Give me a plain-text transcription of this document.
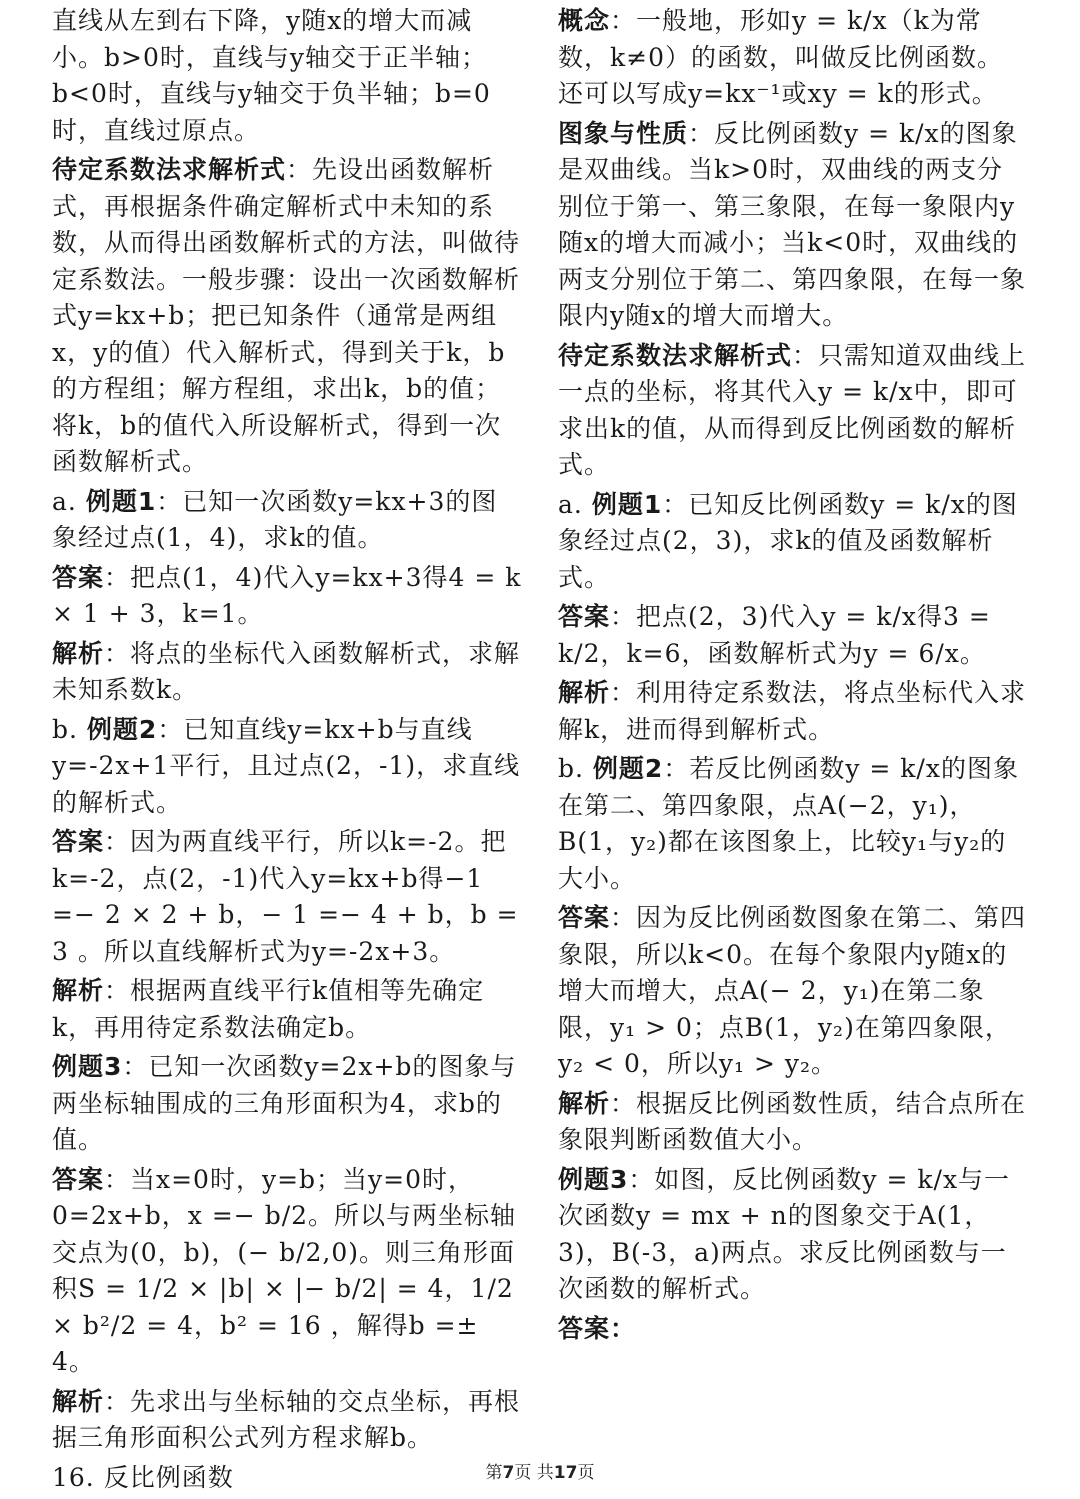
直线从左到右下降，y随x的增大而减小。b>0时，直线与y轴交于正半轴；b<0时，直线与y轴交于负半轴；b=0时，直线过原点。

待定系数法求解析式：先设出函数解析式，再根据条件确定解析式中未知的系数，从而得出函数解析式的方法，叫做待定系数法。一般步骤：设出一次函数解析式y=kx+b；把已知条件（通常是两组x，y的值）代入解析式，得到关于k，b的方程组；解方程组，求出k，b的值；将k，b的值代入所设解析式，得到一次函数解析式。

a. 例题1：已知一次函数y=kx+3的图象经过点(1，4)，求k的值。

答案：把点(1，4)代入y=kx+3得4 = k × 1 + 3，k=1。

解析：将点的坐标代入函数解析式，求解未知系数k。

b. 例题2：已知直线y=kx+b与直线y=-2x+1平行，且过点(2，-1)，求直线的解析式。

答案：因为两直线平行，所以k=-2。把k=-2，点(2，-1)代入y=kx+b得−1 =− 2 × 2 + b，− 1 =− 4 + b，b = 3 。所以直线解析式为y=-2x+3。

解析：根据两直线平行k值相等先确定k，再用待定系数法确定b。

例题3：已知一次函数y=2x+b的图象与两坐标轴围成的三角形面积为4，求b的值。

答案：当x=0时，y=b；当y=0时，0=2x+b，x =− b/2。所以与两坐标轴交点为(0，b)，(− b/2,0)。则三角形面积S = 1/2 × |b| × |− b/2| = 4，1/2 × b²/2 = 4，b² = 16 ，解得b =± 4。

解析：先求出与坐标轴的交点坐标，再根据三角形面积公式列方程求解b。

16. 反比例函数

概念：一般地，形如y = k/x（k为常数，k≠0）的函数，叫做反比例函数。还可以写成y=kx⁻¹或xy = k的形式。

图象与性质：反比例函数y = k/x的图象是双曲线。当k>0时，双曲线的两支分别位于第一、第三象限，在每一象限内y随x的增大而减小；当k<0时，双曲线的两支分别位于第二、第四象限，在每一象限内y随x的增大而增大。

待定系数法求解析式：只需知道双曲线上一点的坐标，将其代入y = k/x中，即可求出k的值，从而得到反比例函数的解析式。

a. 例题1：已知反比例函数y = k/x的图象经过点(2，3)，求k的值及函数解析式。

答案：把点(2，3)代入y = k/x得3 = k/2，k=6，函数解析式为y = 6/x。

解析：利用待定系数法，将点坐标代入求解k，进而得到解析式。

b. 例题2：若反比例函数y = k/x的图象在第二、第四象限，点A(−2，y₁)，B(1，y₂)都在该图象上，比较y₁与y₂的大小。

答案：因为反比例函数图象在第二、第四象限，所以k<0。在每个象限内y随x的增大而增大，点A(− 2，y₁)在第二象限，y₁ > 0；点B(1，y₂)在第四象限，y₂ < 0，所以y₁ > y₂。

解析：根据反比例函数性质，结合点所在象限判断函数值大小。

例题3：如图，反比例函数y = k/x与一次函数y = mx + n的图象交于A(1，3)，B(-3，a)两点。求反比例函数与一次函数的解析式。

答案：

第7页 共17页
